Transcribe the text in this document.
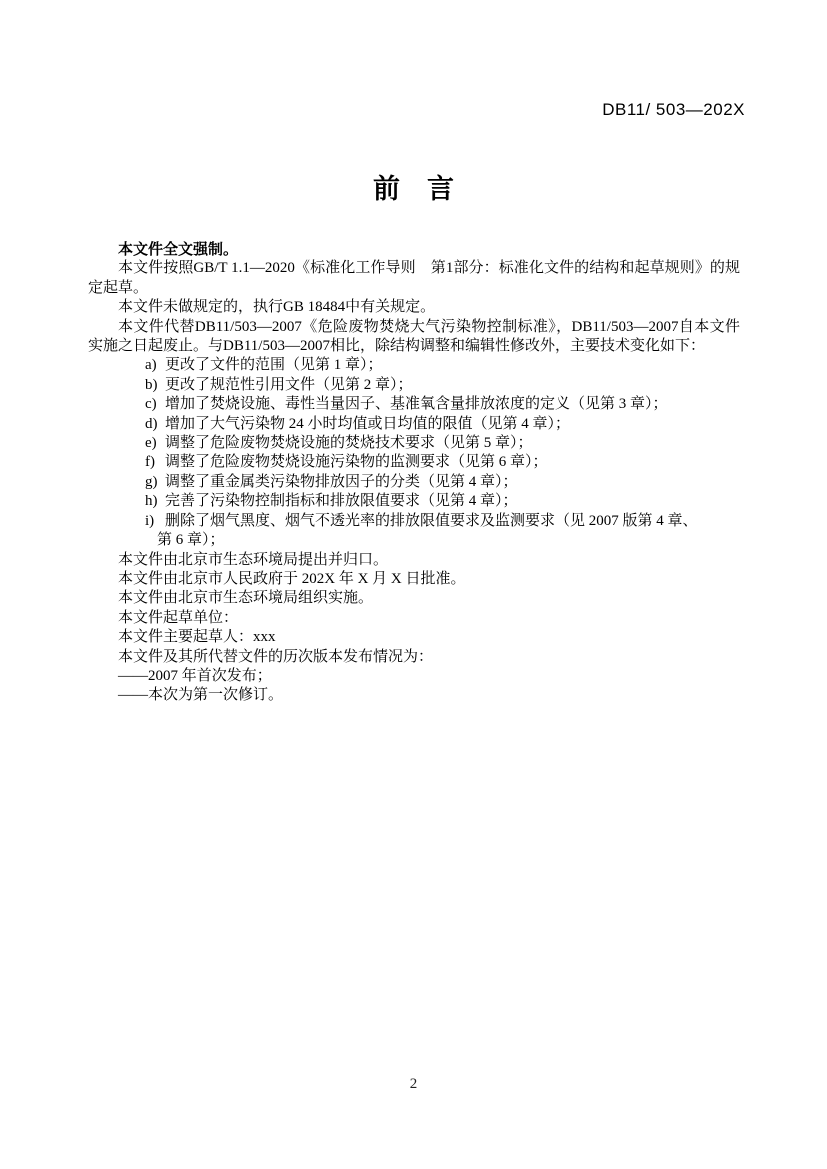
DB11/ 503—202X
前　言

本文件全文强制。

本文件按照GB/T 1.1—2020《标准化工作导则　第1部分：标准化文件的结构和起草规则》的规定起草。

本文件未做规定的，执行GB 18484中有关规定。

本文件代替DB11/503—2007《危险废物焚烧大气污染物控制标准》，DB11/503—2007自本文件实施之日起废止。与DB11/503—2007相比，除结构调整和编辑性修改外，主要技术变化如下：

a) 更改了文件的范围（见第 1 章）；
b) 更改了规范性引用文件（见第 2 章）；
c) 增加了焚烧设施、毒性当量因子、基准氧含量排放浓度的定义（见第 3 章）；
d) 增加了大气污染物 24 小时均值或日均值的限值（见第 4 章）；
e) 调整了危险废物焚烧设施的焚烧技术要求（见第 5 章）；
f) 调整了危险废物焚烧设施污染物的监测要求（见第 6 章）；
g) 调整了重金属类污染物排放因子的分类（见第 4 章）；
h) 完善了污染物控制指标和排放限值要求（见第 4 章）；
i) 删除了烟气黑度、烟气不透光率的排放限值要求及监测要求（见 2007 版第 4 章、
第 6 章）；

本文件由北京市生态环境局提出并归口。

本文件由北京市人民政府于 202X 年 X 月 X 日批准。

本文件由北京市生态环境局组织实施。

本文件起草单位：

本文件主要起草人：xxx

本文件及其所代替文件的历次版本发布情况为：

——2007 年首次发布；

——本次为第一次修订。

2
